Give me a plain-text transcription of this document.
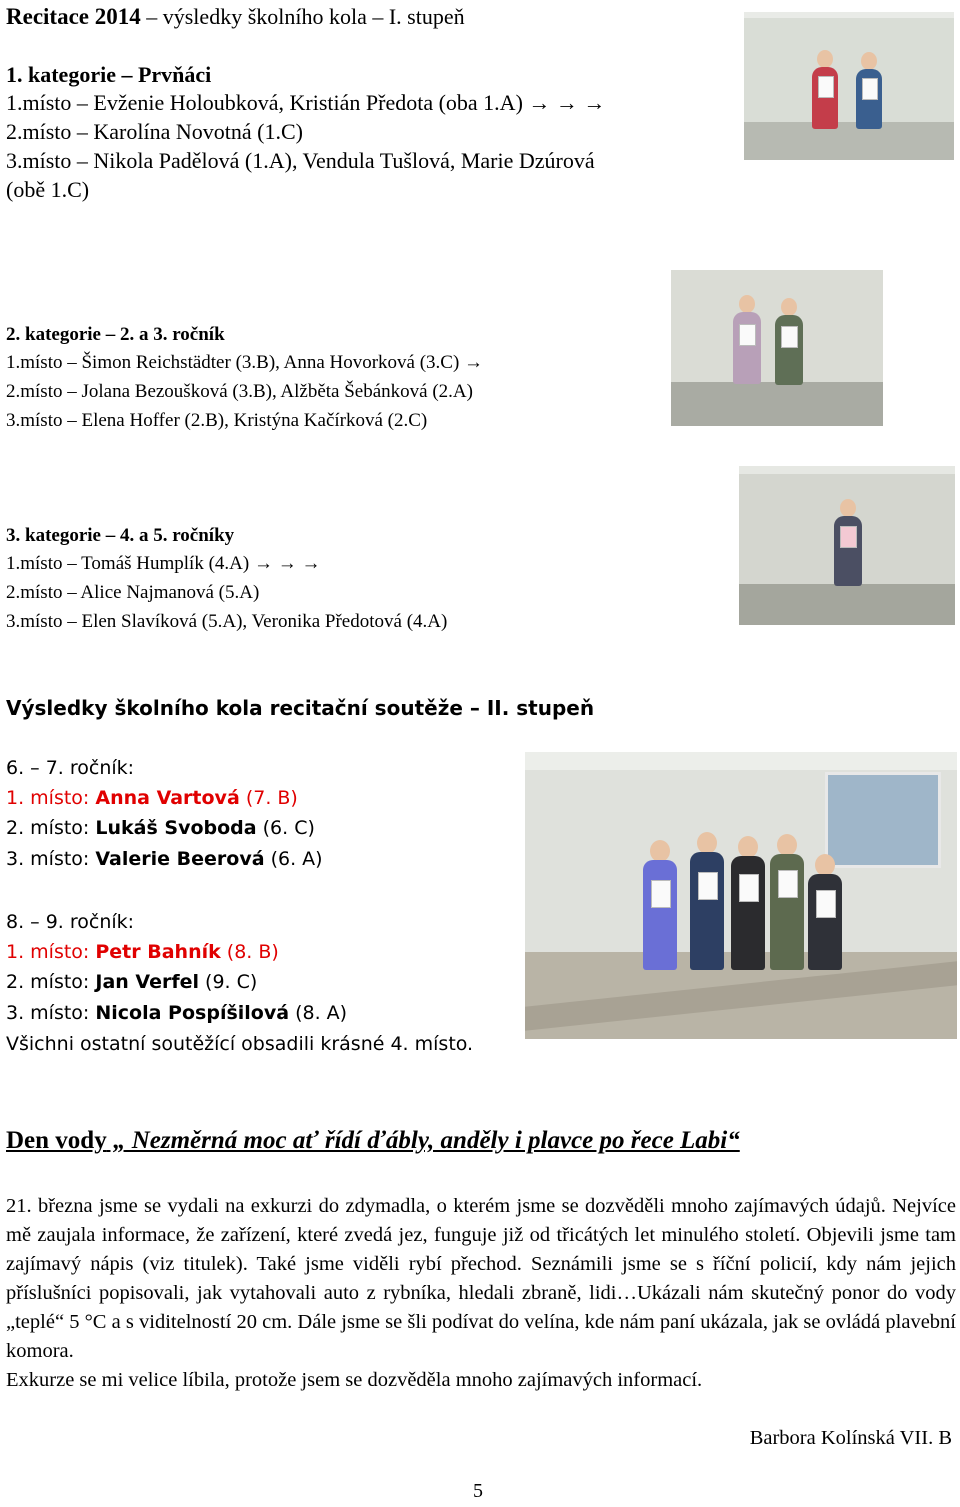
Recitace 2014 – výsledky školního kola – I. stupeň
1. kategorie – Prvňáci
1.místo – Evženie Holoubková, Kristián Předota (oba 1.A) → → →
2.místo – Karolína Novotná (1.C)
3.místo – Nikola Padělová (1.A), Vendula Tušlová, Marie Dzúrová
(obě 1.C)
2. kategorie – 2. a 3. ročník
1.místo – Šimon Reichstädter (3.B), Anna Hovorková (3.C) →
2.místo – Jolana Bezoušková (3.B), Alžběta Šebánková (2.A)
3.místo – Elena Hoffer (2.B), Kristýna Kačírková (2.C)
3. kategorie – 4. a 5. ročníky
1.místo – Tomáš Humplík (4.A) → → →
2.místo – Alice Najmanová (5.A)
3.místo – Elen Slavíková (5.A), Veronika Předotová (4.A)
Výsledky školního kola recitační soutěže – II. stupeň
6. – 7. ročník:
1. místo: Anna Vartová (7. B)
2. místo: Lukáš Svoboda (6. C)
3. místo: Valerie Beerová (6. A)
8. – 9. ročník:
1. místo: Petr Bahník (8. B)
2. místo: Jan Verfel (9. C)
3. místo: Nicola Pospíšilová (8. A)
Všichni ostatní soutěžící obsadili krásné 4. místo.
Den vody „ Nezměrná moc ať řídí ďábly, anděly i plavce po řece Labi“

21. března jsme se vydali na exkurzi do zdymadla, o kterém jsme se dozvěděli mnoho zajímavých údajů. Nejvíce mě zaujala informace, že zařízení, které zvedá jez, funguje již od třicátých let minulého století. Objevili jsme tam zajímavý nápis (viz titulek). Také jsme viděli rybí přechod. Seznámili jsme se s říční policií, kdy nám jejich příslušníci popisovali, jak vytahovali auto z rybníka, hledali zbraně, lidi…Ukázali nám skutečný ponor do vody „teplé“ 5 °C a s viditelností 20 cm. Dále jsme se šli podívat do velína, kde nám paní ukázala, jak se ovládá plavební komora.

Exkurze se mi velice líbila, protože jsem se dozvěděla mnoho zajímavých informací.

Barbora Kolínská VII. B
5
